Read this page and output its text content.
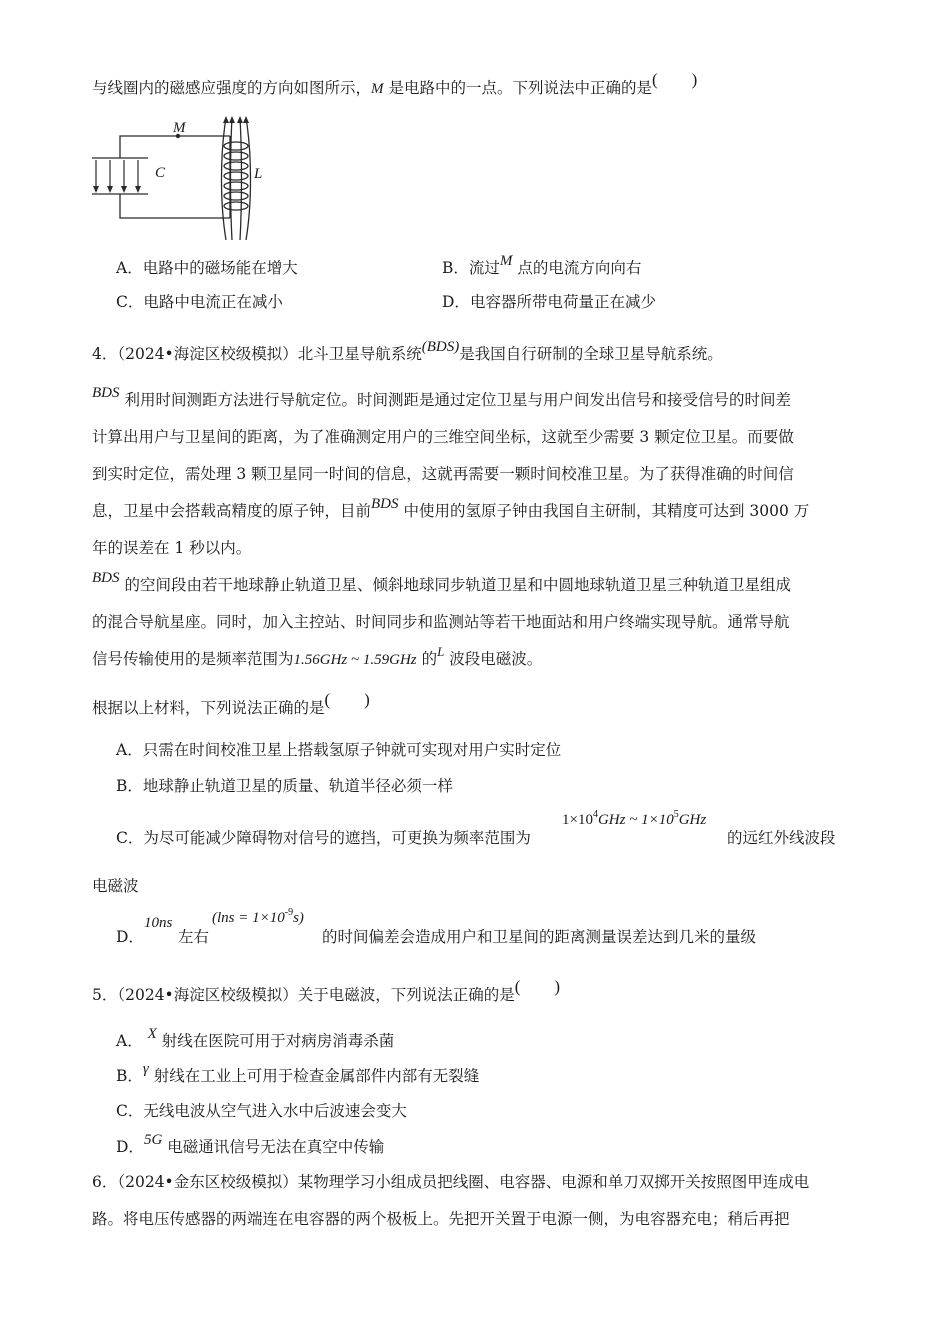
与线圈内的磁感应强度的方向如图所示，M 是电路中的一点。下列说法中正确的是(　　)
M
C	L
A．电路中的磁场能在增大	B．流过M 点的电流方向向右
C．电路中电流正在减小	D．电容器所带电荷量正在减少
4．（2024•海淀区校级模拟）北斗卫星导航系统(BDS)是我国自行研制的全球卫星导航系统。
BDS 利用时间测距方法进行导航定位。时间测距是通过定位卫星与用户间发出信号和接受信号的时间差
计算出用户与卫星间的距离，为了准确测定用户的三维空间坐标，这就至少需要 3 颗定位卫星。而要做
到实时定位，需处理 3 颗卫星同一时间的信息，这就再需要一颗时间校准卫星。为了获得准确的时间信
息，卫星中会搭载高精度的原子钟，目前BDS 中使用的氢原子钟由我国自主研制，其精度可达到 3000 万
年的误差在 1 秒以内。
BDS 的空间段由若干地球静止轨道卫星、倾斜地球同步轨道卫星和中圆地球轨道卫星三种轨道卫星组成
的混合导航星座。同时，加入主控站、时间同步和监测站等若干地面站和用户终端实现导航。通常导航
信号传输使用的是频率范围为1.56GHz ~ 1.59GHz 的$^L$ 波段电磁波。
根据以上材料，下列说法正确的是(　　)
A．只需在时间校准卫星上搭载氢原子钟就可实现对用户实时定位
B．地球静止轨道卫星的质量、轨道半径必须一样
C．为尽可能减少障碍物对信号的遮挡，可更换为频率范围为
$1\times 10^4GHz$ ~ $1\times 10^5GHz$
的远红外线波段
电磁波
D．
10ns
左右
$(\ln s = 1\times 10^{-9}s)$
的时间偏差会造成用户和卫星间的距离测量误差达到几米的量级
5．（2024•海淀区校级模拟）关于电磁波，下列说法正确的是(　　)
A． X 射线在医院可用于对病房消毒杀菌
B．γ 射线在工业上可用于检查金属部件内部有无裂缝
C．无线电波从空气进入水中后波速会变大
D．5G 电磁通讯信号无法在真空中传输
6．（2024•金东区校级模拟）某物理学习小组成员把线圈、电容器、电源和单刀双掷开关按照图甲连成电
路。将电压传感器的两端连在电容器的两个极板上。先把开关置于电源一侧，为电容器充电；稍后再把
